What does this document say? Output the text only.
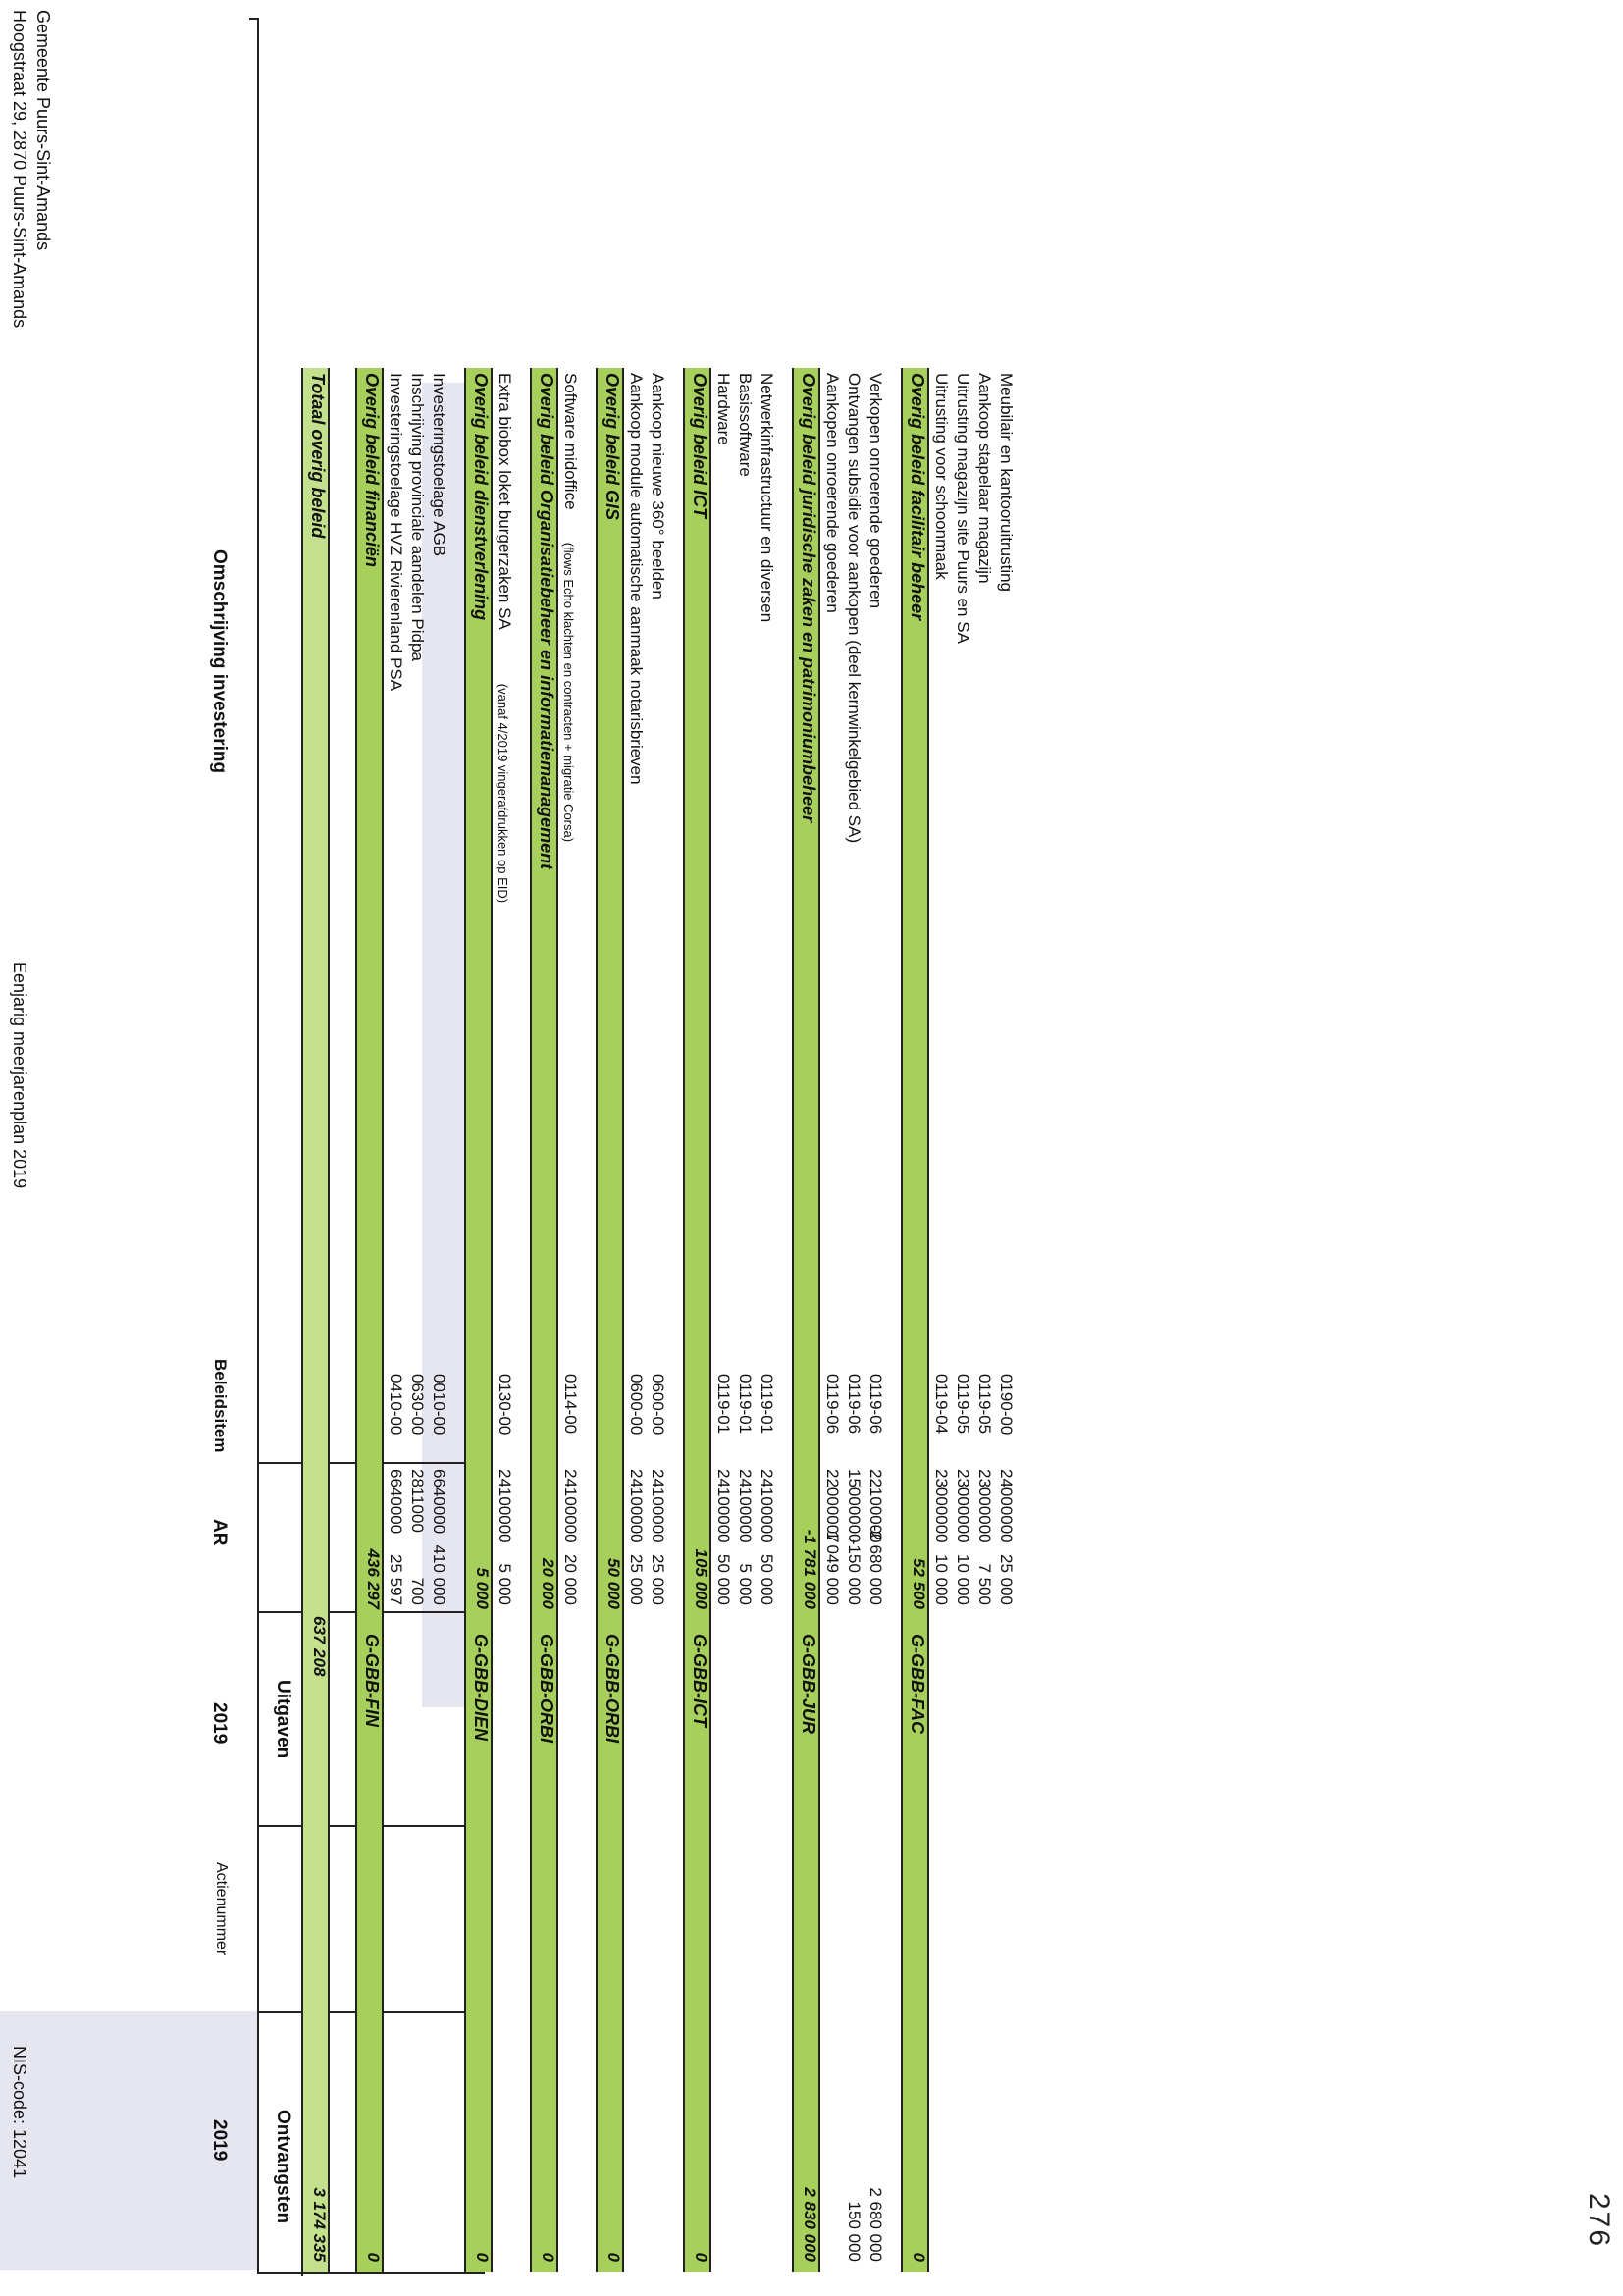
276
Omschrijving investering
Beleidsitem
AR
Uitgaven
2019
Actienummer
Ontvangsten
2019
Totaal overig beleid
3 174 335
Overig beleid financiën
436 297
G-GBB-FIN
0
Investeringstoelage HVZ Rivierenland PSA
0410-00
6640000
25 597
Inschrijving provinciale aandelen Pidpa
0630-00
2811000
700
Investeringstoelage AGB
0010-00
6640000
410 000
Overig beleid dienstverlening
5 000
G-GBB-DIEN
0
Extra biobox loket burgerzaken SA
(vanaf 4/2019 vingerafdrukken op EID)
0130-00
24100000
5 000
Overig beleid Organisatiebeheer en informatiemanagement
20 000
G-GBB-ORBI
0
Software midoffice
(flows Echo klachten en contracten + migratie Corsa)
0114-00
24100000
20 000
Overig beleid GIS
50 000
G-GBB-ORBI
0
Aankoop module automatische aanmaak notarisbrieven
0600-00
24100000
25 000
Aankoop nieuwe 360° beelden
0600-00
24100000
25 000
Overig beleid ICT
105 000
G-GBB-ICT
0
Hardware
0119-01
24100000
50 000
Basissoftware
0119-01
24100000
5 000
Netwerkinfrastructuur en diversen
0119-01
24100000
50 000
Overig beleid juridische zaken en patrimoniumbeheer
-1 781 000
G-GBB-JUR
2 830 000
Aankopen onroerende goederen
0119-06
22000007
1 049 000
Ontvangen subsidie voor aankopen (deel kernwinkelgebied SA)
0119-06
15000000
-150 000
150 000
Verkopen onroerende goederen
0119-06
22100000
-2 680 000
2 680 000
Overig beleid facilitair beheer
52 500
G-GBB-FAC
0
Uitrusting voor schoonmaak
0119-04
23000000
10 000
Uitrusting magazijn site Puurs en SA
0119-05
23000000
10 000
Aankoop stapelaar magazijn
0119-05
23000000
7 500
Meubilair en kantooruitrusting
0190-00
24000000
25 000
Gemeente Puurs-Sint-Amands
Hoogstraat 29, 2870 Puurs-Sint-Amands
Eenjarig meerjarenplan 2019
NIS-code: 12041
